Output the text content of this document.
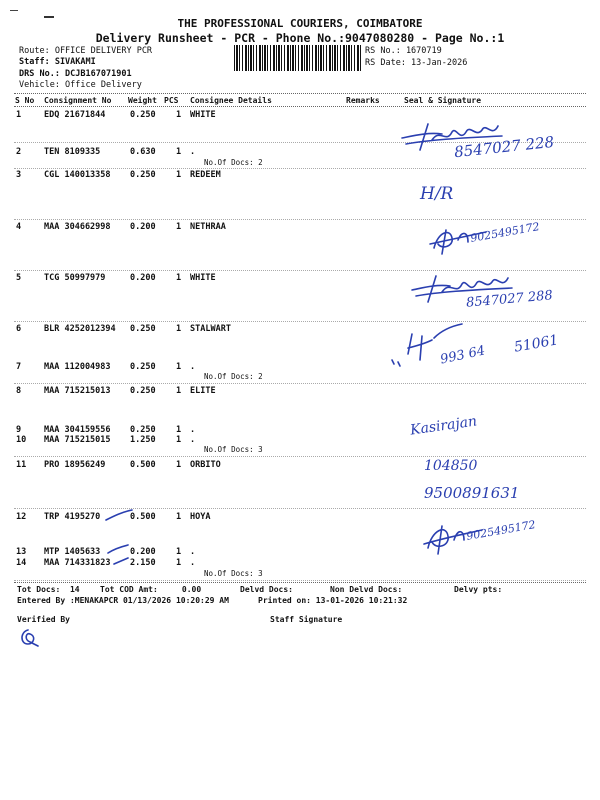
THE PROFESSIONAL COURIERS, COIMBATORE
Delivery Runsheet - PCR - Phone No.:9047080280 - Page No.:1
Route: OFFICE DELIVERY PCR
Staff: SIVAKAMI
DRS No.: DCJB167071901
Vehicle: Office Delivery
RS No.: 1670719
RS Date: 13-Jan-2026
S No Consignment No Weight PCS Consignee Details	Remarks	Seal & Signature
1	EDQ 21671844	0.250 1 WHITE
2	TEN 8109335	0.630 1 .
No.Of Docs: 2
3	CGL 140013358 0.250 1 REDEEM
4	MAA 304662998 0.200 1 NETHRAA
5	TCG 50997979	0.200 1 WHITE
6	BLR 4252012394 0.250 1 STALWART
7	MAA 112004983 0.250 1 .
No.Of Docs: 2
8	MAA 715215013 0.250 1 ELITE
9	MAA 304159556 0.250 1 .
10 MAA 715215015 1.250 1 .
No.Of Docs: 3
11 PRO 18956249	0.500 1 ORBITO
12 TRP 4195270	0.500 1 HOYA
13 MTP 1405633	0.200 1 .
14 MAA 714331823 2.150 1 .
No.Of Docs: 3
Tot Docs:  14	Tot COD Amt:     0.00	Delvd Docs:	Non Delvd Docs:	Delvy pts:
Entered By :MENAKAPCR 01/13/2026 10:20:29 AM	Printed on: 13-01-2026 10:21:32
Verified By	Staff Signature
8547027 228
H/R
9025495172
8547027 288
993 64 51061
Kasirajan
104850
9500891631
9025495172
